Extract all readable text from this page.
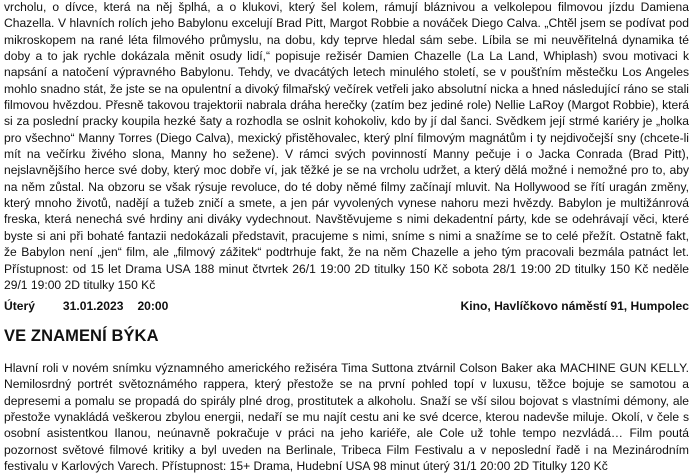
vrcholu, o dívce, která na něj šplhá, a o klukovi, který šel kolem, rámují bláznivou a velkolepou filmovou jízdu Damiena Chazella. V hlavních rolích jeho Babylonu excelují Brad Pitt, Margot Robbie a nováček Diego Calva. „Chtěl jsem se podívat pod mikroskopem na rané léta filmového průmyslu, na dobu, kdy teprve hledal sám sebe. Líbila se mi neuvěřitelná dynamika té doby a to jak rychle dokázala měnit osudy lidí,“ popisuje režisér Damien Chazelle (La La Land, Whiplash) svou motivaci k napsání a natočení výpravného Babylonu. Tehdy, ve dvacátých letech minulého století, se v poušťním městečku Los Angeles mohlo snadno stát, že jste se na opulentní a divoký filmařský večírek vetřeli jako absolutní nicka a hned následující ráno se stali filmovou hvězdou. Přesně takovou trajektorii nabrala dráha herečky (zatím bez jediné role) Nellie LaRoy (Margot Robbie), která si za poslední pracky koupila hezké šaty a rozhodla se oslnit kohokoliv, kdo by jí dal šanci. Svědkem její strmé kariéry je „holka pro všechno“ Manny Torres (Diego Calva), mexický přistěhovalec, který plní filmovým magnátům i ty nejdivočejší sny (chcete-li mít na večírku živého slona, Manny ho sežene). V rámci svých povinností Manny pečuje i o Jacka Conrada (Brad Pitt), nejslavnějšího herce své doby, který moc dobře ví, jak těžké je se na vrcholu udržet, a který dělá možné i nemožné pro to, aby na něm zůstal. Na obzoru se však rýsuje revoluce, do té doby němé filmy začínají mluvit. Na Hollywood se řítí uragán změny, který mnoho životů, nadějí a tužeb zničí a smete, a jen pár vyvolených vynese nahoru mezi hvězdy. Babylon je multižánrová freska, která nenechá své hrdiny ani diváky vydechnout. Navštěvujeme s nimi dekadentní párty, kde se odehrávají věci, které byste si ani při bohaté fantazii nedokázali představit, pracujeme s nimi, sníme s nimi a snažíme se to celé přežít. Ostatně fakt, že Babylon není „jen“ film, ale „filmový zážitek“ podtrhuje fakt, že na něm Chazelle a jeho tým pracovali bezmála patnáct let. Přístupnost: od 15 let Drama USA 188 minut čtvrtek 26/1 19:00 2D titulky 150 Kč sobota 28/1 19:00 2D titulky 150 Kč neděle 29/1 19:00 2D titulky 150 Kč

Úterý 31.01.2023 20:00	Kino, Havlíčkovo náměstí 91, Humpolec
VE ZNAMENÍ BÝKA

Hlavní roli v novém snímku významného amerického režiséra Tima Suttona ztvárnil Colson Baker aka MACHINE GUN KELLY. Nemilosrdný portrét světoznámého rappera, který přestože se na první pohled topí v luxusu, těžce bojuje se samotou a depresemi a pomalu se propadá do spirály plné drog, prostitutek a alkoholu. Snaží se vší silou bojovat s vlastními démony, ale přestože vynakládá veškerou zbylou energii, nedaří se mu najít cestu ani ke své dcerce, kterou nadevše miluje. Okolí, v čele s osobní asistentkou Ilanou, neúnavně pokračuje v práci na jeho kariéře, ale Cole už tohle tempo nezvládá… Film poutá pozornost světové filmové kritiky a byl uveden na Berlinale, Tribeca Film Festivalu a v neposlední řadě i na Mezinárodním festivalu v Karlových Varech. Přístupnost: 15+ Drama, Hudební USA 98 minut úterý 31/1 20:00 2D Titulky 120 Kč
